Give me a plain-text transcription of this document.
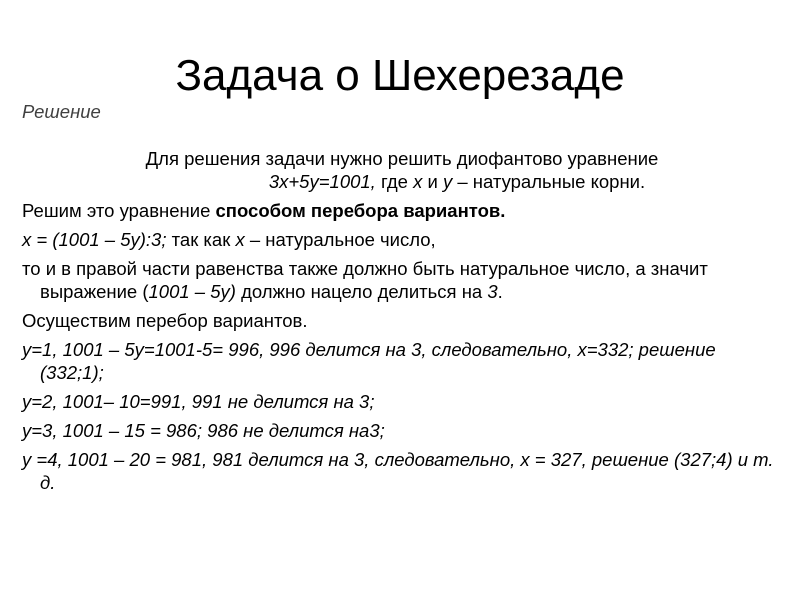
Задача о Шехерезаде

Решение

Для решения задачи нужно решить диофантово уравнение
3x+5y=1001, где x и y – натуральные корни.

Решим это уравнение способом перебора вариантов.

x = (1001 – 5y):3; так как x – натуральное число,

то и в правой части равенства также должно быть натуральное число, а значит выражение (1001 – 5y) должно нацело делиться на 3.

Осуществим перебор вариантов.

y=1, 1001 – 5y=1001-5= 996, 996 делится на 3, следовательно, x=332; решение (332;1);

y=2, 1001– 10=991, 991 не делится на 3;

y=3, 1001 – 15 = 986; 986 не делится на3;

y =4, 1001 – 20 = 981, 981 делится на 3, следовательно, x = 327, решение (327;4) и т. д.
